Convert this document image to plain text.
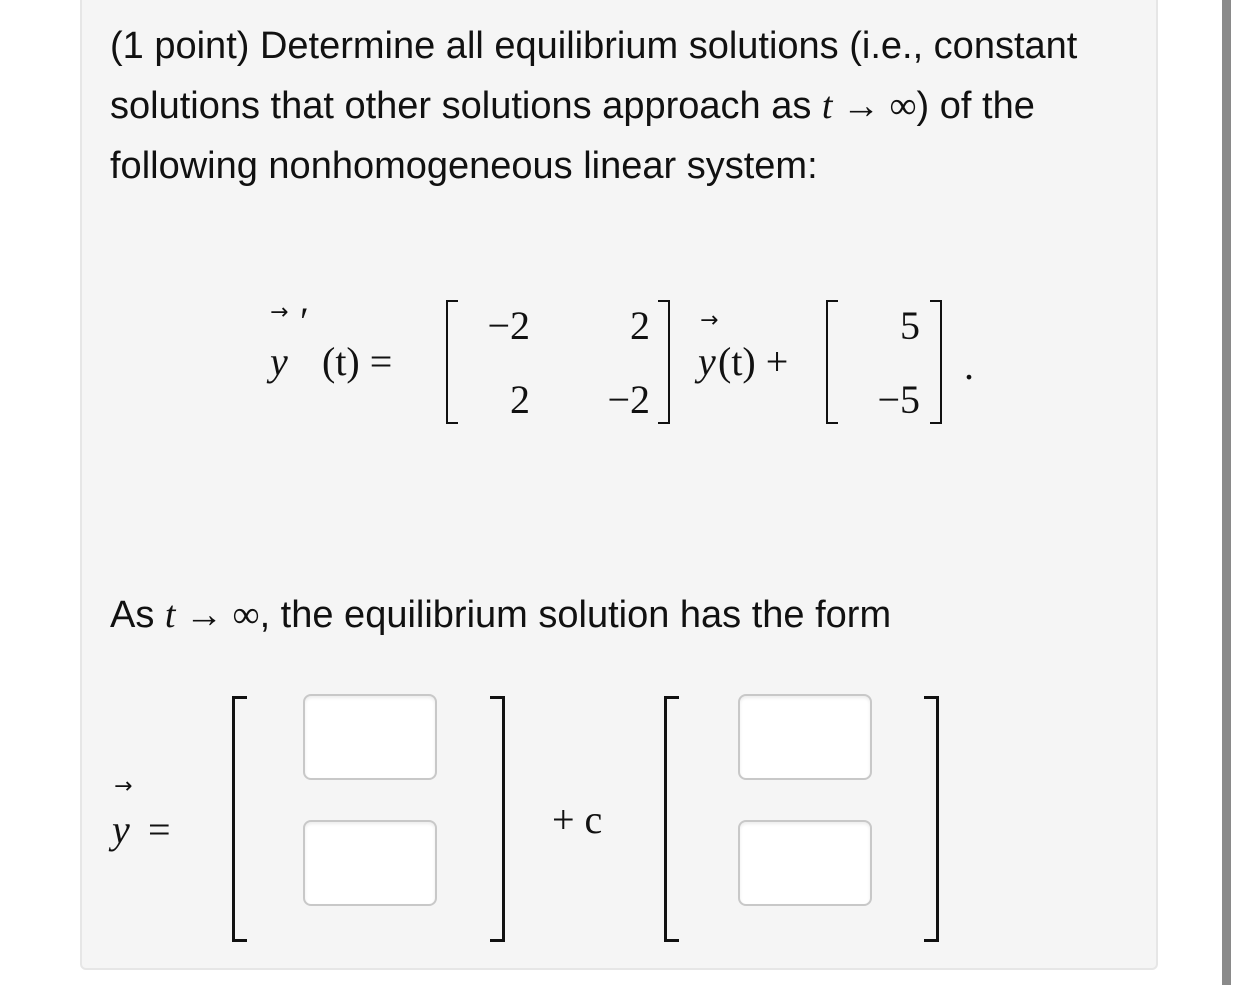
(1 point) Determine all equilibrium solutions (i.e., constant solutions that other solutions approach as t → ∞) of the following nonhomogeneous linear system:

→
y
′
(t) =
−2	2
2	−2
→
y (t) +
5
−5
.
As t → ∞, the equilibrium solution has the form
→
y =	+ c
